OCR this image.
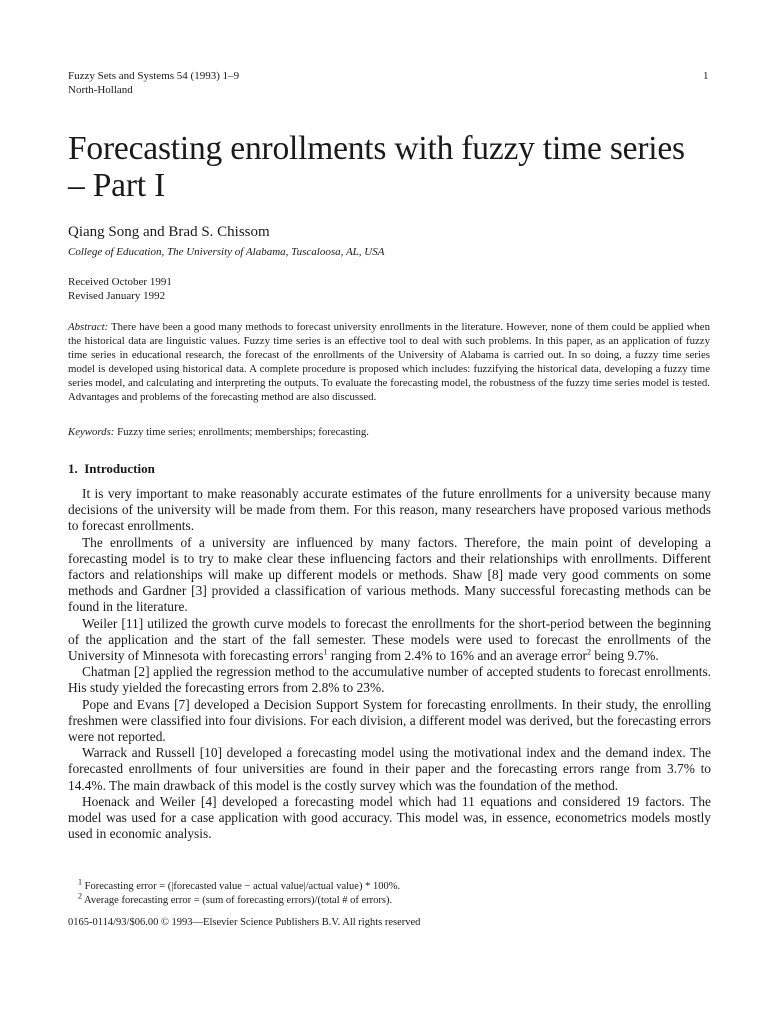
Fuzzy Sets and Systems 54 (1993) 1–9
North-Holland
1
Forecasting enrollments with fuzzy time series – Part I
Qiang Song and Brad S. Chissom
College of Education, The University of Alabama, Tuscaloosa, AL, USA
Received October 1991
Revised January 1992
Abstract: There have been a good many methods to forecast university enrollments in the literature. However, none of them could be applied when the historical data are linguistic values. Fuzzy time series is an effective tool to deal with such problems. In this paper, as an application of fuzzy time series in educational research, the forecast of the enrollments of the University of Alabama is carried out. In so doing, a fuzzy time series model is developed using historical data. A complete procedure is proposed which includes: fuzzifying the historical data, developing a fuzzy time series model, and calculating and interpreting the outputs. To evaluate the forecasting model, the robustness of the fuzzy time series model is tested. Advantages and problems of the forecasting method are also discussed.
Keywords: Fuzzy time series; enrollments; memberships; forecasting.
1. Introduction

It is very important to make reasonably accurate estimates of the future enrollments for a university because many decisions of the university will be made from them. For this reason, many researchers have proposed various methods to forecast enrollments.

The enrollments of a university are influenced by many factors. Therefore, the main point of developing a forecasting model is to try to make clear these influencing factors and their relationships with enrollments. Different factors and relationships will make up different models or methods. Shaw [8] made very good comments on some methods and Gardner [3] provided a classification of various methods. Many successful forecasting methods can be found in the literature.

Weiler [11] utilized the growth curve models to forecast the enrollments for the short-period between the beginning of the application and the start of the fall semester. These models were used to forecast the enrollments of the University of Minnesota with forecasting errors$^1$ ranging from 2.4% to 16% and an average error$^2$ being 9.7%.

Chatman [2] applied the regression method to the accumulative number of accepted students to forecast enrollments. His study yielded the forecasting errors from 2.8% to 23%.

Pope and Evans [7] developed a Decision Support System for forecasting enrollments. In their study, the enrolling freshmen were classified into four divisions. For each division, a different model was derived, but the forecasting errors were not reported.

Warrack and Russell [10] developed a forecasting model using the motivational index and the demand index. The forecasted enrollments of four universities are found in their paper and the forecasting errors range from 3.7% to 14.4%. The main drawback of this model is the costly survey which was the foundation of the method.

Hoenack and Weiler [4] developed a forecasting model which had 11 equations and considered 19 factors. The model was used for a case application with good accuracy. This model was, in essence, econometrics models mostly used in economic analysis.

$^1$ Forecasting error = (|forecasted value − actual value|/actual value) * 100%.
$^2$ Average forecasting error = (sum of forecasting errors)/(total # of errors).
0165-0114/93/$06.00 © 1993—Elsevier Science Publishers B.V. All rights reserved
